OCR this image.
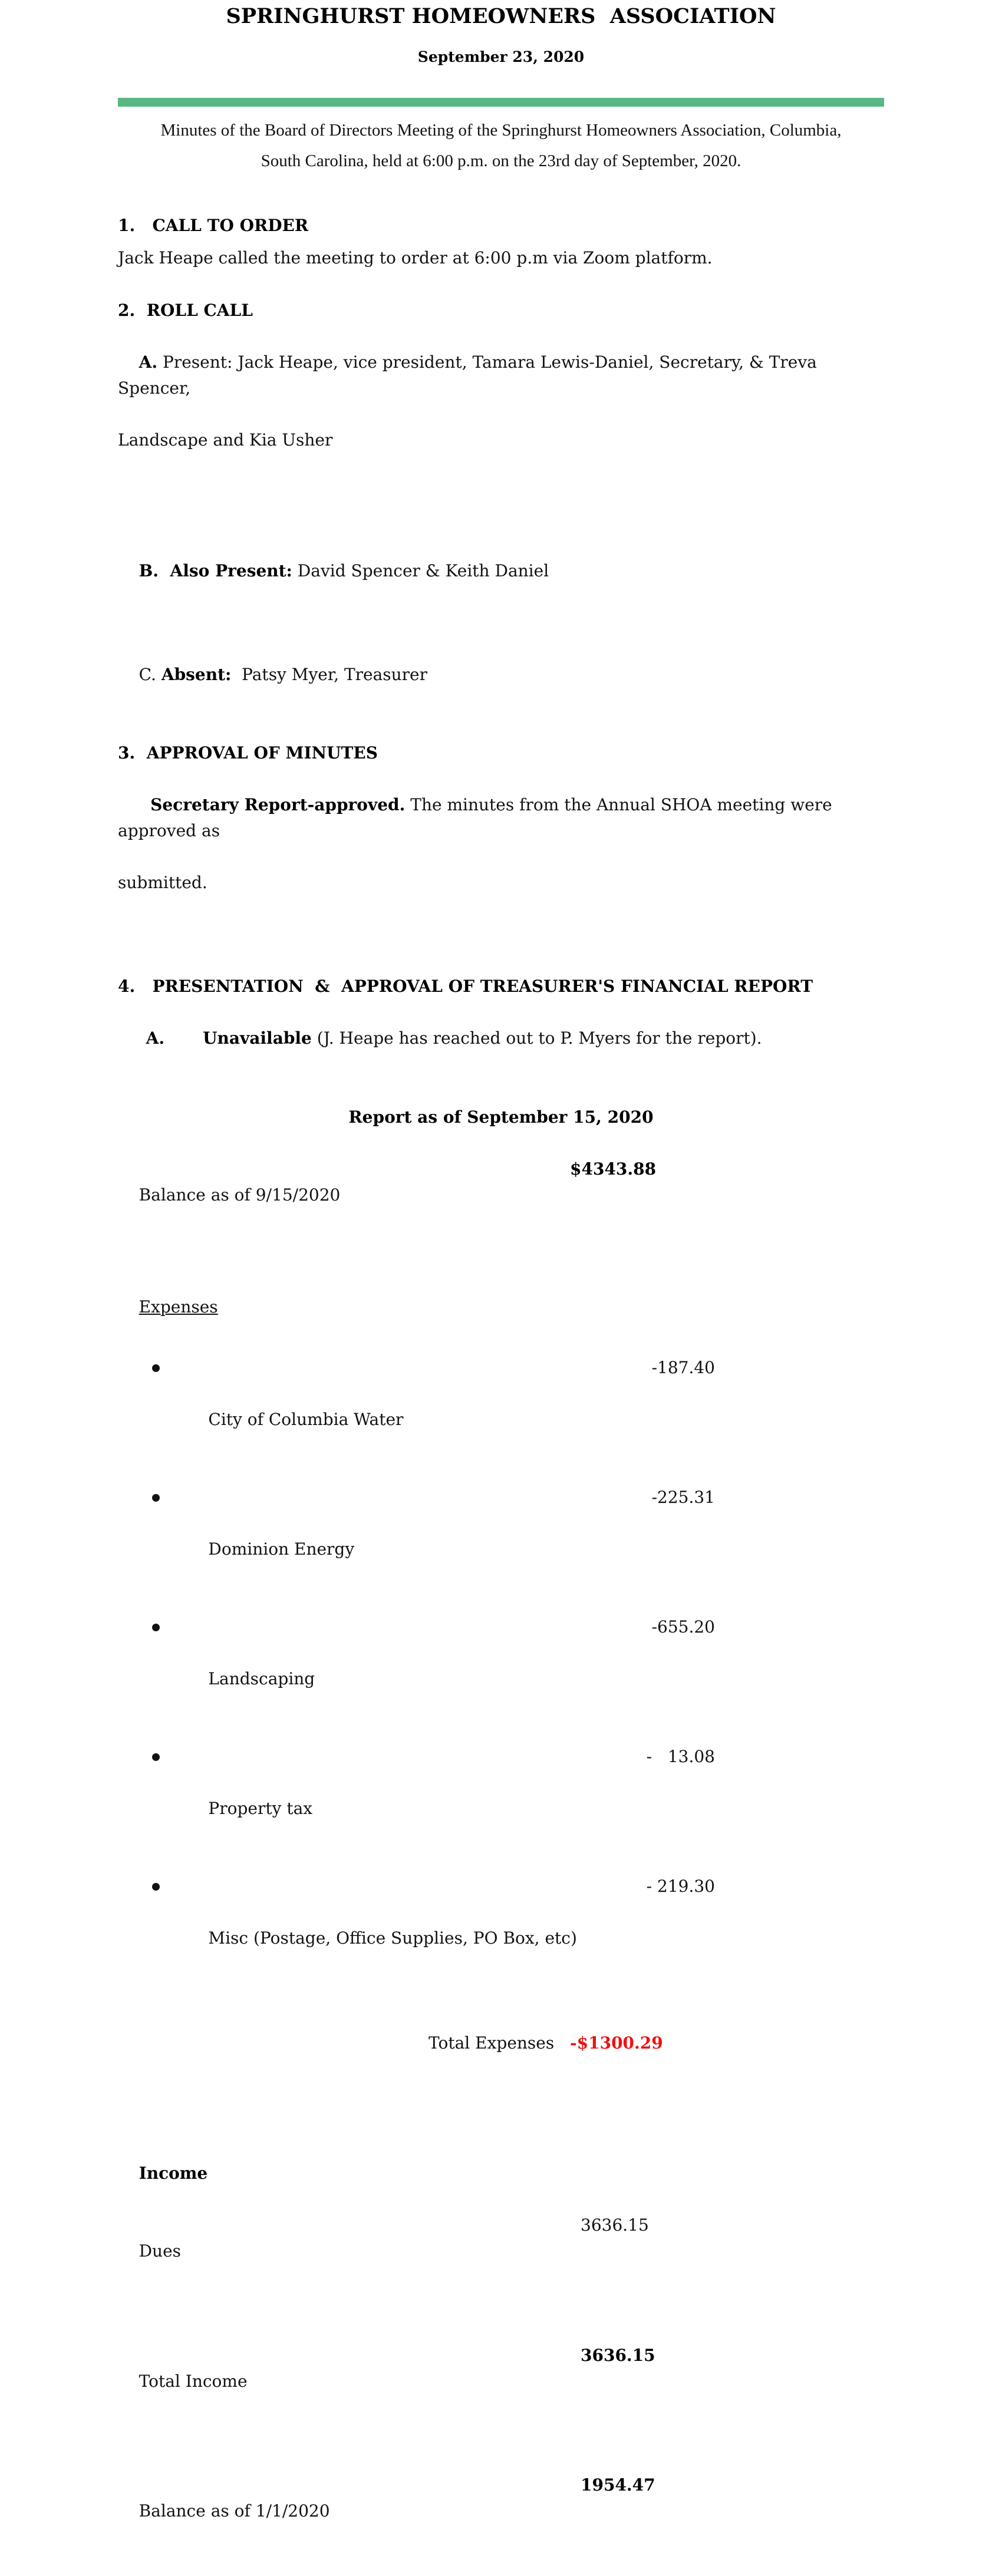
SPRINGHURST HOMEOWNERS  ASSOCIATION
September 23, 2020
Minutes of the Board of Directors Meeting of the Springhurst Homeowners Association, Columbia,
South Carolina, held at 6:00 p.m. on the 23rd day of September, 2020.
1.   CALL TO ORDER
Jack Heape called the meeting to order at 6:00 p.m via Zoom platform.
2.  ROLL CALL

A. Present: Jack Heape, vice president, Tamara Lewis-Daniel, Secretary, & Treva Spencer,

Landscape and Kia Usher

B.  Also Present: David Spencer & Keith Daniel

C. Absent:  Patsy Myer, Treasurer

3.  APPROVAL OF MINUTES

Secretary Report-approved. The minutes from the Annual SHOA meeting were approved as

submitted.

4.   PRESENTATION  &  APPROVAL OF TREASURER'S FINANCIAL REPORT

A. Unavailable (J. Heape has reached out to P. Myers for the report).

Report as of September 15, 2020

Balance as of 9/15/2020

$4343.88

Expenses

City of Columbia Water

-187.40

Dominion Energy

-225.31

Landscaping

-655.20

Property tax

-   13.08

Misc (Postage, Office Supplies, PO Box, etc)

- 219.30

Total Expenses

-$1300.29

Income

Dues

3636.15

Total Income

3636.15

Balance as of 1/1/2020

1954.47
